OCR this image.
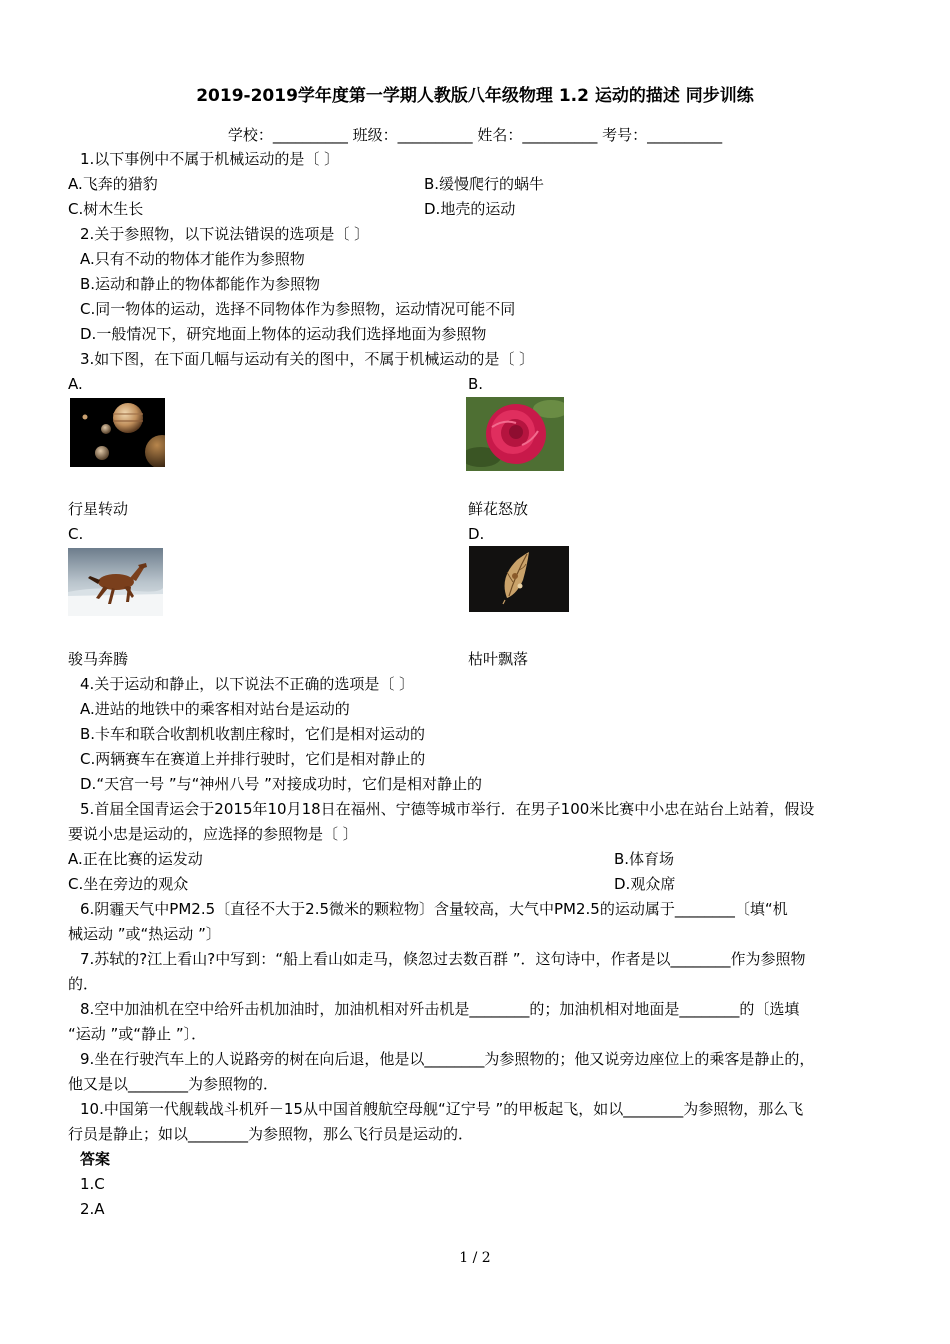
2019-2019学年度第一学期人教版八年级物理 1.2 运动的描述 同步训练
学校：__________ 班级：__________ 姓名：__________ 考号：__________
1.以下事例中不属于机械运动的是〔 〕
A.飞奔的猎豹	B.缓慢爬行的蜗牛
C.树木生长	D.地壳的运动
2.关于参照物，以下说法错误的选项是〔 〕
A.只有不动的物体才能作为参照物
B.运动和静止的物体都能作为参照物
C.同一物体的运动，选择不同物体作为参照物，运动情况可能不同
D.一般情况下，研究地面上物体的运动我们选择地面为参照物
3.如下图，在下面几幅与运动有关的图中，不属于机械运动的是〔 〕
A.	B.
行星转动	鲜花怒放
C.	D.
骏马奔腾	枯叶飘落
4.关于运动和静止，以下说法不正确的选项是〔 〕
A.进站的地铁中的乘客相对站台是运动的
B.卡车和联合收割机收割庄稼时，它们是相对运动的
C.两辆赛车在赛道上并排行驶时，它们是相对静止的
D.“天宫一号 ”与“神州八号 ”对接成功时，它们是相对静止的
5.首届全国青运会于2015年10月18日在福州、宁德等城市举行．在男子100米比赛中小忠在站台上站着，假设
要说小忠是运动的，应选择的参照物是〔 〕
A.正在比赛的运发动	B.体育场
C.坐在旁边的观众	D.观众席
6.阴霾天气中PM2.5〔直径不大于2.5微米的颗粒物〕含量较高，大气中PM2.5的运动属于________〔填“机
械运动 ”或“热运动 ”〕
7.苏轼的?江上看山?中写到：“船上看山如走马，倏忽过去数百群 ”．这句诗中，作者是以________作为参照物
的．
8.空中加油机在空中给歼击机加油时，加油机相对歼击机是________的；加油机相对地面是________的〔选填
“运动 ”或“静止 ”〕．
9.坐在行驶汽车上的人说路旁的树在向后退，他是以________为参照物的；他又说旁边座位上的乘客是静止的，
他又是以________为参照物的．
10.中国第一代舰载战斗机歼－15从中国首艘航空母舰“辽宁号 ”的甲板起飞，如以________为参照物，那么飞
行员是静止；如以________为参照物，那么飞行员是运动的．
答案
1.C
2.A
1 / 2
